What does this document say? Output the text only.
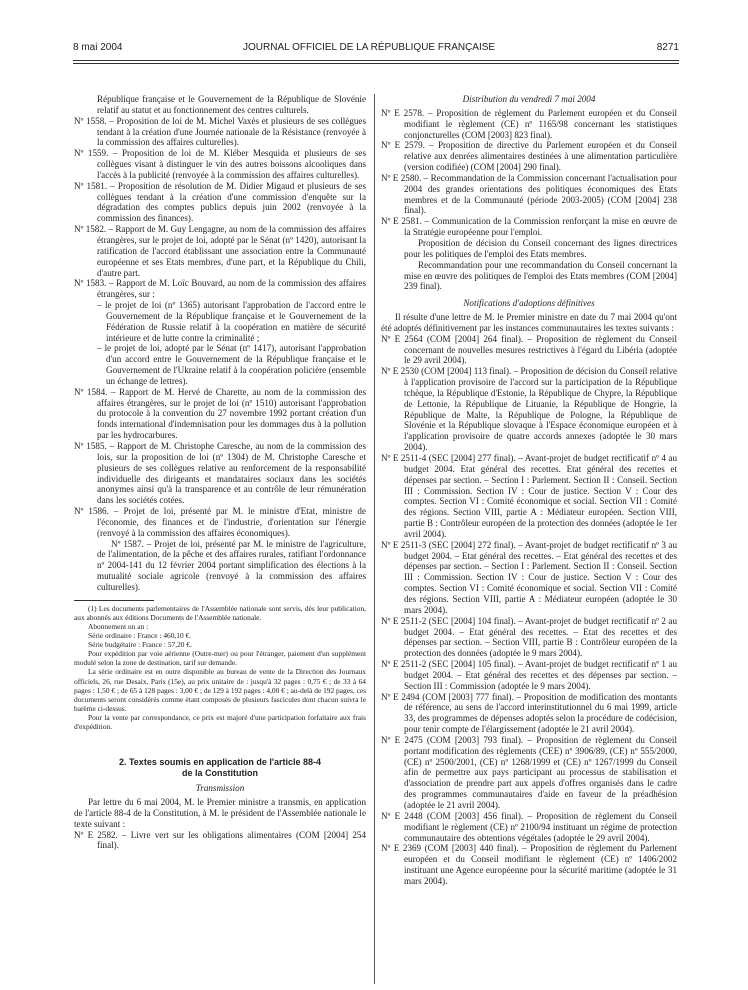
8 mai 2004	JOURNAL OFFICIEL DE LA RÉPUBLIQUE FRANÇAISE	8271

République française et le Gouvernement de la République de Slovénie relatif au statut et au fonctionnement des centres culturels.

Nº 1558. – Proposition de loi de M. Michel Vaxès et plusieurs de ses collègues tendant à la création d'une Journée nationale de la Résistance (renvoyée à la commission des affaires culturelles).

Nº 1559. – Proposition de loi de M. Kléber Mesquida et plusieurs de ses collègues visant à distinguer le vin des autres boissons alcooliques dans l'accès à la publicité (renvoyée à la commission des affaires culturelles).

Nº 1581. – Proposition de résolution de M. Didier Migaud et plusieurs de ses collègues tendant à la création d'une commission d'enquête sur la dégradation des comptes publics depuis juin 2002 (renvoyée à la commission des finances).

Nº 1582. – Rapport de M. Guy Lengagne, au nom de la commission des affaires étrangères, sur le projet de loi, adopté par le Sénat (nº 1420), autorisant la ratification de l'accord établissant une association entre la Communauté européenne et ses Etats membres, d'une part, et la République du Chili, d'autre part.

Nº 1583. – Rapport de M. Loïc Bouvard, au nom de la commission des affaires étrangères, sur :

– le projet de loi (nº 1365) autorisant l'approbation de l'accord entre le Gouvernement de la République française et le Gouvernement de la Fédération de Russie relatif à la coopération en matière de sécurité intérieure et de lutte contre la criminalité ;

– le projet de loi, adopté par le Sénat (nº 1417), autorisant l'approbation d'un accord entre le Gouvernement de la République française et le Gouvernement de l'Ukraine relatif à la coopération policière (ensemble un échange de lettres).

Nº 1584. – Rapport de M. Hervé de Charette, au nom de la commission des affaires étrangères, sur le projet de loi (nº 1510) autorisant l'approbation du protocole à la convention du 27 novembre 1992 portant création d'un fonds international d'indemnisation pour les dommages dus à la pollution par les hydrocarbures.

Nº 1585. – Rapport de M. Christophe Caresche, au nom de la commission des lois, sur la proposition de loi (nº 1304) de M. Christophe Caresche et plusieurs de ses collègues relative au renforcement de la responsabilité individuelle des dirigeants et mandataires sociaux dans les sociétés anonymes ainsi qu'à la transparence et au contrôle de leur rémunération dans les sociétés cotées.

Nº 1586. – Projet de loi, présenté par M. le ministre d'Etat, ministre de l'économie, des finances et de l'industrie, d'orientation sur l'énergie (renvoyé à la commission des affaires économiques).

Nº 1587. – Projet de loi, présenté par M. le ministre de l'agriculture, de l'alimentation, de la pêche et des affaires rurales, ratifiant l'ordonnance nº 2004-141 du 12 février 2004 portant simplification des élections à la mutualité sociale agricole (renvoyé à la commission des affaires culturelles).

(1) Les documents parlementaires de l'Assemblée nationale sont servis, dès leur publication, aux abonnés aux éditions Documents de l'Assemblée nationale.

Abonnement un an :

Série ordinaire : France : 460,10 €.

Série budgétaire : France : 57,20 €.

Pour expédition par voie aérienne (Outre-mer) ou pour l'étranger, paiement d'un supplément modulé selon la zone de destination, tarif sur demande.

La série ordinaire est en outre disponible au bureau de vente de la Direction des Journaux officiels, 26, rue Desaix, Paris (15e), au prix unitaire de : jusqu'à 32 pages : 0,75 € ; de 33 à 64 pages : 1,50 € ; de 65 à 128 pages : 3,00 € ; de 129 à 192 pages : 4,00 € ; au-delà de 192 pages, ces documents seront considérés comme étant composés de plusieurs fascicules dont chacun suivra le barème ci-dessus.

Pour la vente par correspondance, ce prix est majoré d'une participation forfaitaire aux frais d'expédition.

2. Textes soumis en application de l'article 88-4
de la Constitution

Transmission

Par lettre du 6 mai 2004, M. le Premier ministre a transmis, en application de l'article 88-4 de la Constitution, à M. le président de l'Assemblée nationale le texte suivant :

Nº E 2582. – Livre vert sur les obligations alimentaires (COM [2004] 254 final).

Distribution du vendredi 7 mai 2004

Nº E 2578. – Proposition de règlement du Parlement européen et du Conseil modifiant le règlement (CE) nº 1165/98 concernant les statistiques conjoncturelles (COM [2003] 823 final).

Nº E 2579. – Proposition de directive du Parlement européen et du Conseil relative aux denrées alimentaires destinées à une alimentation particulière (version codifiée) (COM [2004] 290 final).

Nº E 2580. – Recommandation de la Commission concernant l'actualisation pour 2004 des grandes orientations des politiques économiques des Etats membres et de la Communauté (période 2003-2005) (COM [2004] 238 final).

Nº E 2581. – Communication de la Commission renforçant la mise en œuvre de la Stratégie européenne pour l'emploi.

Proposition de décision du Conseil concernant des lignes directrices pour les politiques de l'emploi des Etats membres.

Recommandation pour une recommandation du Conseil concernant la mise en œuvre des politiques de l'emploi des Etats membres (COM [2004] 239 final).

Notifications d'adoptions définitives

Il résulte d'une lettre de M. le Premier ministre en date du 7 mai 2004 qu'ont été adoptés définitivement par les instances communautaires les textes suivants :

Nº E 2564 (COM [2004] 264 final). – Proposition de règlement du Conseil concernant de nouvelles mesures restrictives à l'égard du Libéria (adoptée le 29 avril 2004).

Nº E 2530 (COM [2004] 113 final). – Proposition de décision du Conseil relative à l'application provisoire de l'accord sur la participation de la République tchèque, la République d'Estonie, la République de Chypre, la République de Lettonie, la République de Lituanie, la République de Hongrie, la République de Malte, la République de Pologne, la République de Slovénie et la République slovaque à l'Espace économique européen et à l'application provisoire de quatre accords annexes (adoptée le 30 mars 2004).

Nº E 2511-4 (SEC [2004] 277 final). – Avant-projet de budget rectificatif nº 4 au budget 2004. Etat général des recettes. Etat général des recettes et dépenses par section. – Section I : Parlement. Section II : Conseil. Section III : Commission. Section IV : Cour de justice. Section V : Cour des comptes. Section VI : Comité économique et social. Section VII : Comité des régions. Section VIII, partie A : Médiateur européen. Section VIII, partie B : Contrôleur européen de la protection des données (adoptée le 1er avril 2004).

Nº E 2511-3 (SEC [2004] 272 final). – Avant-projet de budget rectificatif nº 3 au budget 2004. – Etat général des recettes. – Etat général des recettes et des dépenses par section. – Section I : Parlement. Section II : Conseil. Section III : Commission. Section IV : Cour de justice. Section V : Cour des comptes. Section VI : Comité économique et social. Section VII : Comité des régions. Section VIII, partie A : Médiateur européen (adoptée le 30 mars 2004).

Nº E 2511-2 (SEC [2004] 104 final). – Avant-projet de budget rectificatif nº 2 au budget 2004. – Etat général des recettes. – Etat des recettes et des dépenses par section. – Section VIII, partie B : Contrôleur européen de la protection des données (adoptée le 9 mars 2004).

Nº E 2511-2 (SEC [2004] 105 final). – Avant-projet de budget rectificatif nº 1 au budget 2004. – Etat général des recettes et des dépenses par section. – Section III : Commission (adoptée le 9 mars 2004).

Nº E 2494 (COM [2003] 777 final). – Proposition de modification des montants de référence, au sens de l'accord interinstitutionnel du 6 mai 1999, article 33, des programmes de dépenses adoptés selon la procédure de codécision, pour tenir compte de l'élargissement (adoptée le 21 avril 2004).

Nº E 2475 (COM [2003] 793 final). – Proposition de règlement du Conseil portant modification des règlements (CEE) nº 3906/89, (CE) nº 555/2000, (CE) nº 2500/2001, (CE) nº 1268/1999 et (CE) nº 1267/1999 du Conseil afin de permettre aux pays participant au processus de stabilisation et d'association de prendre part aux appels d'offres organisés dans le cadre des programmes communautaires d'aide en faveur de la préadhésion (adoptée le 21 avril 2004).

Nº E 2448 (COM [2003] 456 final). – Proposition de règlement du Conseil modifiant le règlement (CE) nº 2100/94 instituant un régime de protection communautaire des obtentions végétales (adoptée le 29 avril 2004).

Nº E 2369 (COM [2003] 440 final). – Proposition de règlement du Parlement européen et du Conseil modifiant le règlement (CE) nº 1406/2002 instituant une Agence européenne pour la sécurité maritime (adoptée le 31 mars 2004).
